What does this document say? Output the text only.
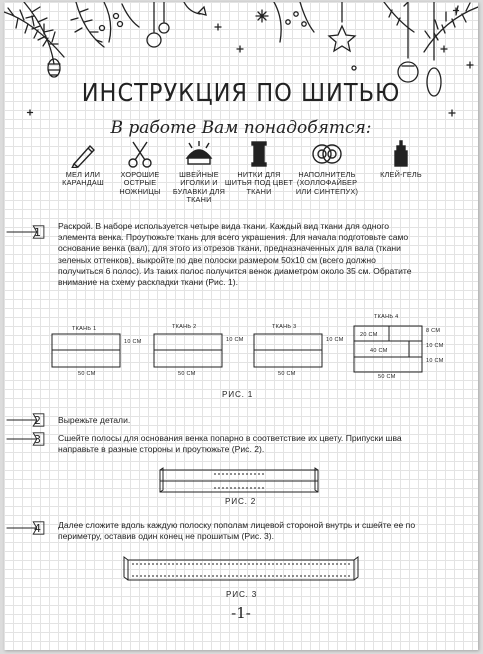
ИНСТРУКЦИЯ ПО ШИТЬЮ
В работе Вам понадобятся:
МЕЛ ИЛИ КАРАНДАШ
ХОРОШИЕ ОСТРЫЕ НОЖНИЦЫ
ШВЕЙНЫЕ ИГОЛКИ И БУЛАВКИ ДЛЯ ТКАНИ
НИТКИ ДЛЯ ШИТЬЯ ПОД ЦВЕТ ТКАНИ
НАПОЛНИТЕЛЬ (ХОЛЛОФАЙБЕР ИЛИ СИНТЕПУХ)
КЛЕЙ-ГЕЛЬ
1 Раскрой. В наборе используется четыре вида ткани. Каждый вид ткани для одного элемента венка. Проутюжьте ткань для всего украшения. Для начала подготовьте само основание венка (вал), для этого из отрезов ткани, предназначенных для вала (ткани зеленых оттенков), выкройте по две полоски размером 50х10 см (всего должно получиться 6 полос). Из таких полос получится венок диаметром около 35 см. Обратите внимание на схему раскладки ткани (Рис. 1).
ТКАНЬ 1
10 СМ
50 СМ
ТКАНЬ 2
10 СМ
50 СМ
ТКАНЬ 3
10 СМ
50 СМ
ТКАНЬ 4
20 СМ
40 СМ
8 СМ
10 СМ
10 СМ
50 СМ
РИС. 1
2 Вырежьте детали.
3 Сшейте полосы для основания венка попарно в соответствие их цвету. Припуски шва направьте в разные стороны и проутюжьте (Рис. 2).
РИС. 2
4 Далее сложите вдоль каждую полоску пополам лицевой стороной внутрь и сшейте ее по периметру, оставив один конец не прошитым (Рис. 3).
РИС. 3
-1-
